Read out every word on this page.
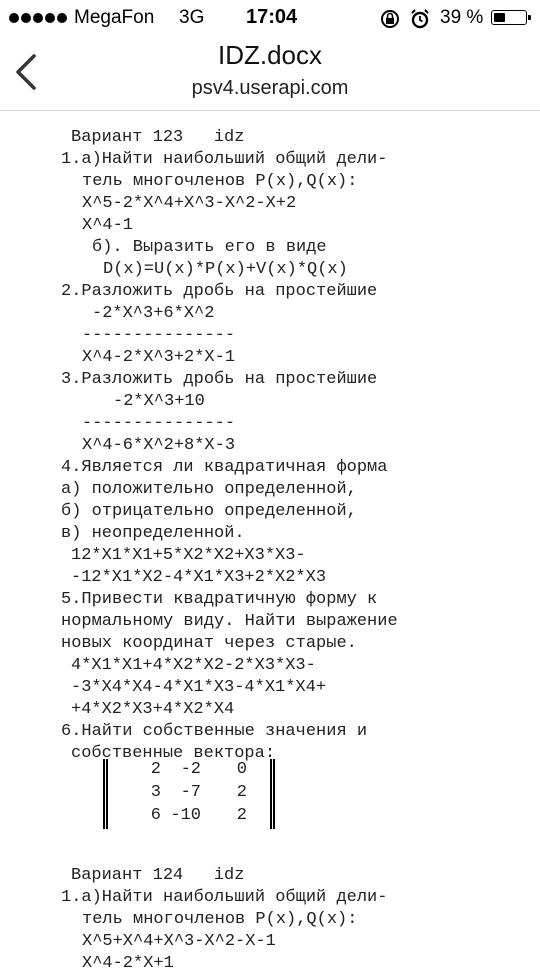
MegaFon 3G 17:04	39 %
IDZ.docx
psv4.userapi.com
Вариант 123   idz
1.а)Найти наибольший общий дели-
тель многочленов P(x),Q(x):
X^5-2*X^4+X^3-X^2-X+2
X^4-1
б). Выразить его в виде
D(x)=U(x)*P(x)+V(x)*Q(x)
2.Разложить дробь на простейшие
-2*X^3+6*X^2
---------------
X^4-2*X^3+2*X-1
3.Разложить дробь на простейшие
-2*X^3+10
---------------
X^4-6*X^2+8*X-3
4.Является ли квадратичная форма
а) положительно определенной,
б) отрицательно определенной,
в) неопределенной.
12*X1*X1+5*X2*X2+X3*X3-
-12*X1*X2-4*X1*X3+2*X2*X3
5.Привести квадратичную форму к
нормальному виду. Найти выражение
новых координат через старые.
4*X1*X1+4*X2*X2-2*X3*X3-
-3*X4*X4-4*X1*X3-4*X1*X4+
+4*X2*X3+4*X2*X4
6.Найти собственные значения и
собственные вектора:
2	-2	0
3	-7	2
6 -10	2
Вариант 124   idz
1.а)Найти наибольший общий дели-
тель многочленов P(x),Q(x):
X^5+X^4+X^3-X^2-X-1
X^4-2*X+1
